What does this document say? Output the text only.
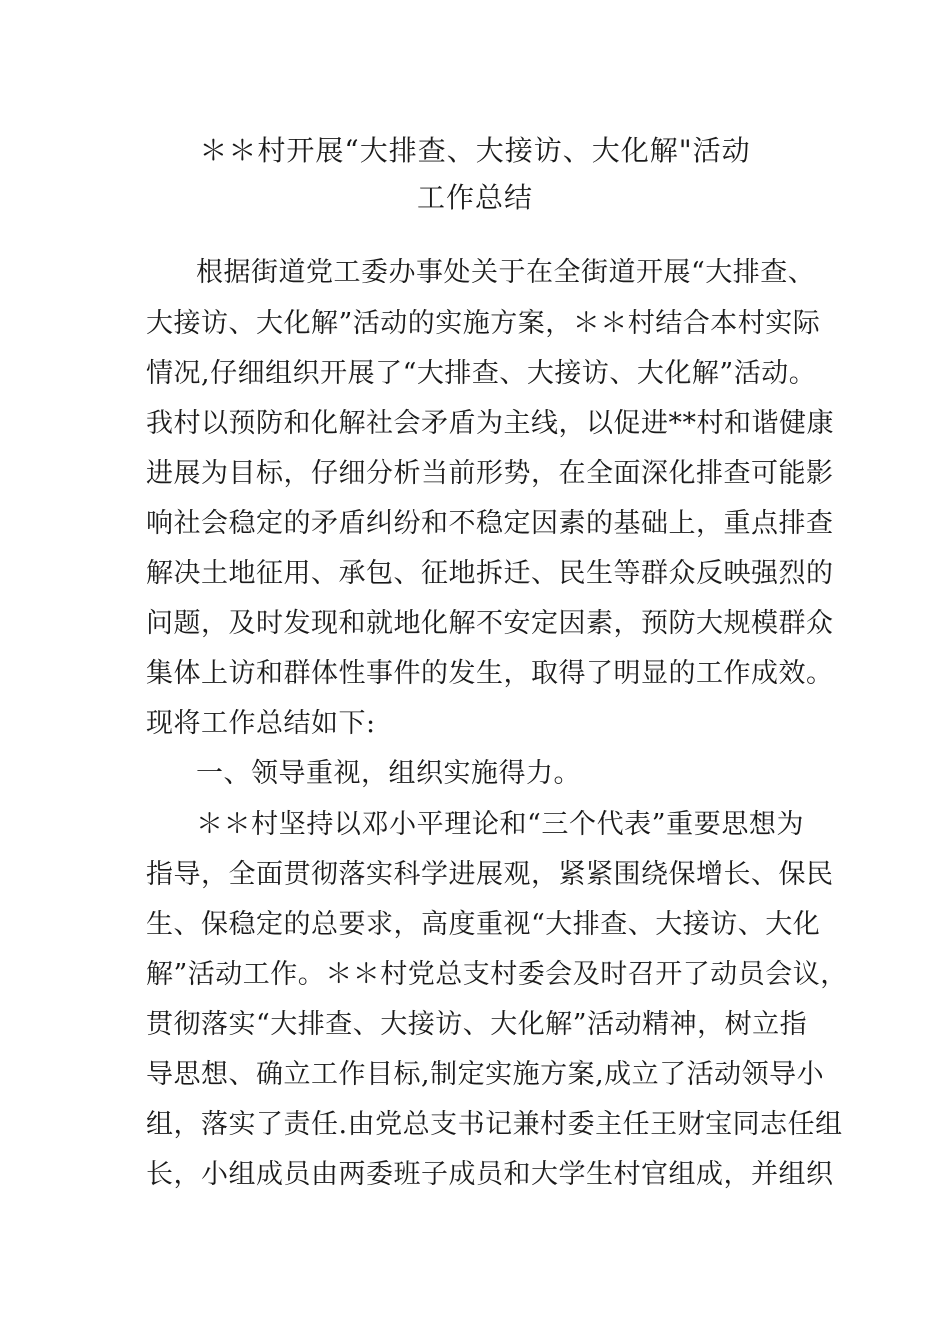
＊＊村开展“大排查、大接访、大化解"活动
工作总结
根据街道党工委办事处关于在全街道开展“大排查、
大接访、大化解”活动的实施方案，＊＊村结合本村实际
情况,仔细组织开展了“大排查、大接访、大化解”活动。
我村以预防和化解社会矛盾为主线，以促进**村和谐健康
进展为目标，仔细分析当前形势，在全面深化排查可能影
响社会稳定的矛盾纠纷和不稳定因素的基础上，重点排查
解决土地征用、承包、征地拆迁、民生等群众反映强烈的
问题，及时发现和就地化解不安定因素，预防大规模群众
集体上访和群体性事件的发生，取得了明显的工作成效。
现将工作总结如下:
一、领导重视，组织实施得力。
＊＊村坚持以邓小平理论和“三个代表”重要思想为
指导，全面贯彻落实科学进展观，紧紧围绕保增长、保民
生、保稳定的总要求，高度重视“大排查、大接访、大化
解”活动工作。＊＊村党总支村委会及时召开了动员会议，
贯彻落实“大排查、大接访、大化解”活动精神，树立指
导思想、确立工作目标,制定实施方案,成立了活动领导小
组，落实了责任.由党总支书记兼村委主任王财宝同志任组
长，小组成员由两委班子成员和大学生村官组成，并组织
